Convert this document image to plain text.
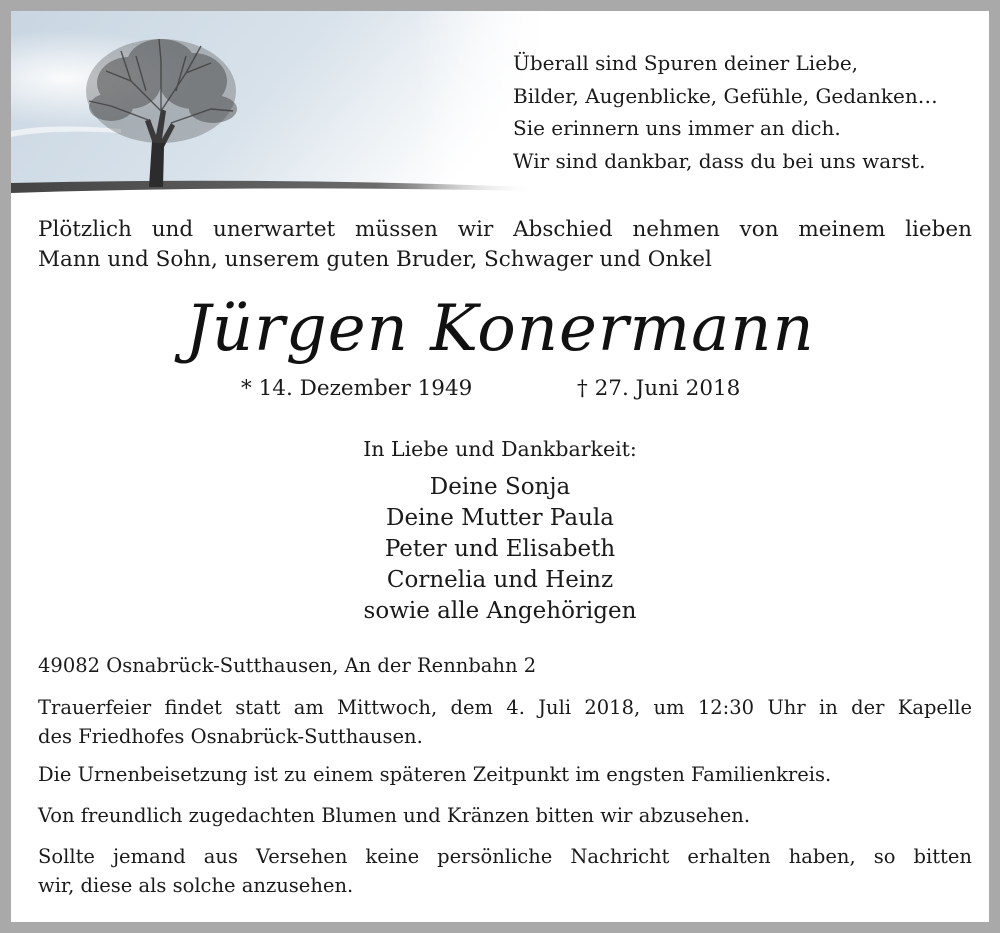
Überall sind Spuren deiner Liebe,
Bilder, Augenblicke, Gefühle, Gedanken…
Sie erinnern uns immer an dich.
Wir sind dankbar, dass du bei uns warst.
Plötzlich und unerwartet müssen wir Abschied nehmen von meinem lieben
Mann und Sohn, unserem guten Bruder, Schwager und Onkel
Jürgen Konermann
* 14. Dezember 1949	† 27. Juni 2018
In Liebe und Dankbarkeit:
Deine Sonja
Deine Mutter Paula
Peter und Elisabeth
Cornelia und Heinz
sowie alle Angehörigen
49082 Osnabrück-Sutthausen, An der Rennbahn 2
Trauerfeier findet statt am Mittwoch, dem 4. Juli 2018, um 12:30 Uhr in der Kapelle
des Friedhofes Osnabrück-Sutthausen.
Die Urnenbeisetzung ist zu einem späteren Zeitpunkt im engsten Familienkreis.
Von freundlich zugedachten Blumen und Kränzen bitten wir abzusehen.
Sollte jemand aus Versehen keine persönliche Nachricht erhalten haben, so bitten
wir, diese als solche anzusehen.
